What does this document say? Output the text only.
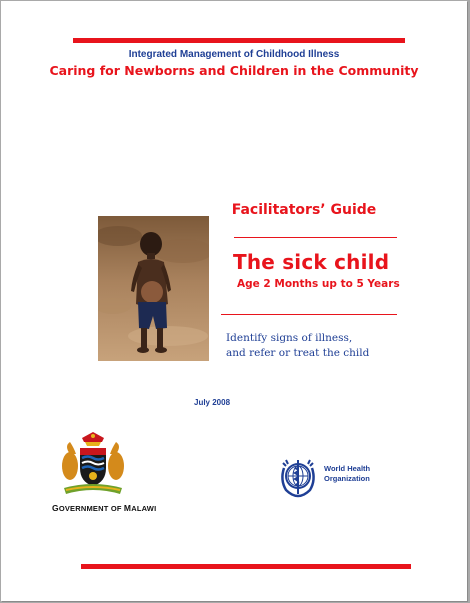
Integrated Management of Childhood Illness
Caring for Newborns and Children in the Community
Facilitators’ Guide
The sick child
Age 2 Months up to 5 Years
Identify signs of illness,
and refer or treat the child
July 2008
GOVERNMENT OF MALAWI
World Health
Organization
